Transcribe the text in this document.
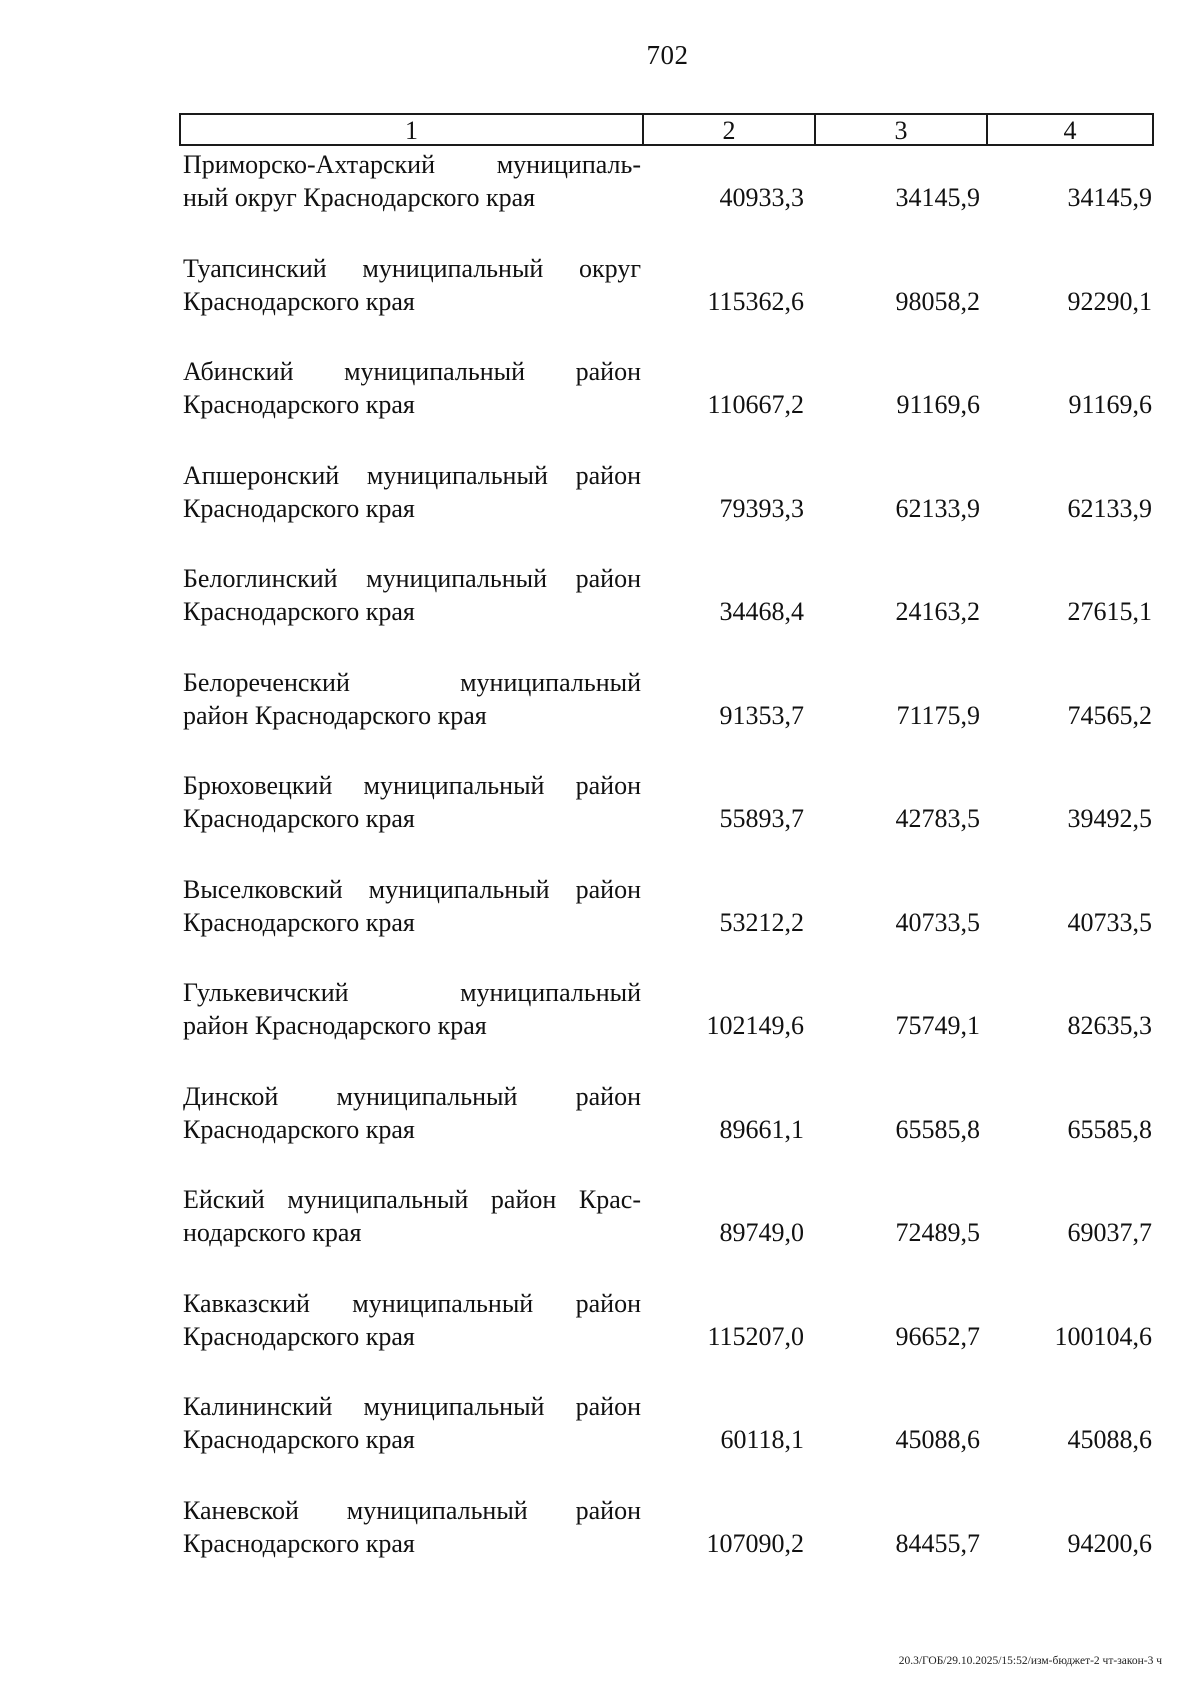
702
1	2	3	4
Приморско-Ахтарский муниципаль-
ный округ Краснодарского края	40933,3	34145,9	34145,9
Туапсинский муниципальный округ
Краснодарского края	115362,6	98058,2	92290,1
Абинский муниципальный район
Краснодарского края	110667,2	91169,6	91169,6
Апшеронский муниципальный район
Краснодарского края	79393,3	62133,9	62133,9
Белоглинский муниципальный район
Краснодарского края	34468,4	24163,2	27615,1
Белореченский муниципальный
район Краснодарского края	91353,7	71175,9	74565,2
Брюховецкий муниципальный район
Краснодарского края	55893,7	42783,5	39492,5
Выселковский муниципальный район
Краснодарского края	53212,2	40733,5	40733,5
Гулькевичский муниципальный
район Краснодарского края	102149,6	75749,1	82635,3
Динской муниципальный район
Краснодарского края	89661,1	65585,8	65585,8
Ейский муниципальный район Крас-
нодарского края	89749,0	72489,5	69037,7
Кавказский муниципальный район
Краснодарского края	115207,0	96652,7	100104,6
Калининский муниципальный район
Краснодарского края	60118,1	45088,6	45088,6
Каневской муниципальный район
Краснодарского края	107090,2	84455,7	94200,6
20.3/ГОБ/29.10.2025/15:52/изм-бюджет-2 чт-закон-3 ч
